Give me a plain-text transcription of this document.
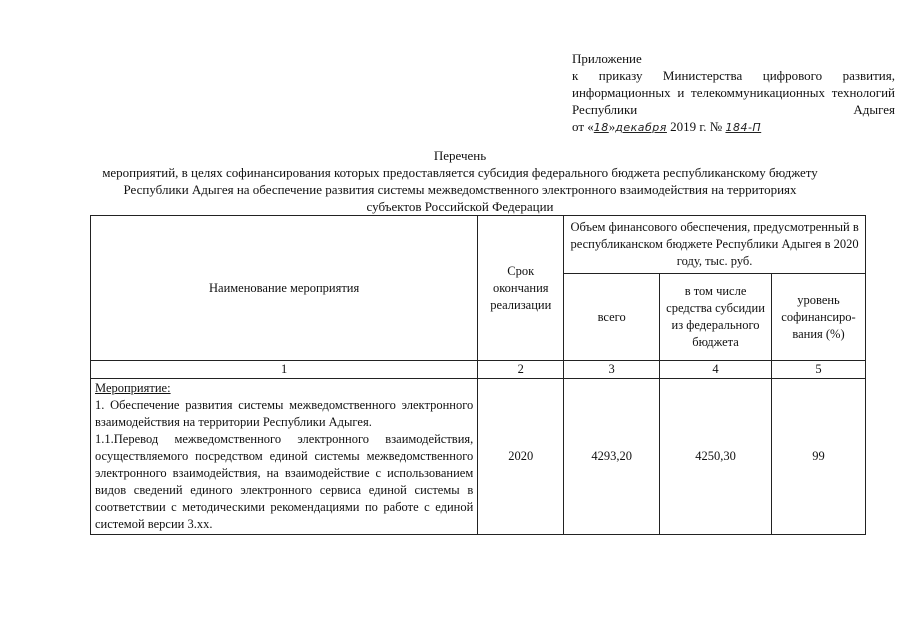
Приложение
к приказу Министерства цифрового развития, информационных и телекоммуникационных технологий Республики Адыгея
от «18»декабря 2019 г. № 184-П
Перечень
мероприятий, в целях софинансирования которых предоставляется субсидия федерального бюджета республиканскому бюджету Республики Адыгея на обеспечение развития системы межведомственного электронного взаимодействия на территориях субъектов Российской Федерации
Наименование мероприятия	Срок окончания реализации	Объем финансового обеспечения, предусмотренный в республиканском бюджете Республики Адыгея в 2020 году, тыс. руб.		
		всего	в том числе средства субсидии из федерального бюджета	уровень софинансиро-вания (%)
1	2	3	4	5

Мероприятие:

1. Обеспечение развития системы межведомственного электронного взаимодействия на территории Республики Адыгея.

1.1.Перевод межведомственного электронного взаимодействия, осуществляемого посредством единой системы межведомственного электронного взаимодействия, на взаимодействие с использованием видов сведений единого электронного сервиса единой системы в соответствии с методическими рекомендациями по работе с единой системой версии 3.хх.	2020	4293,20	4250,30	99
